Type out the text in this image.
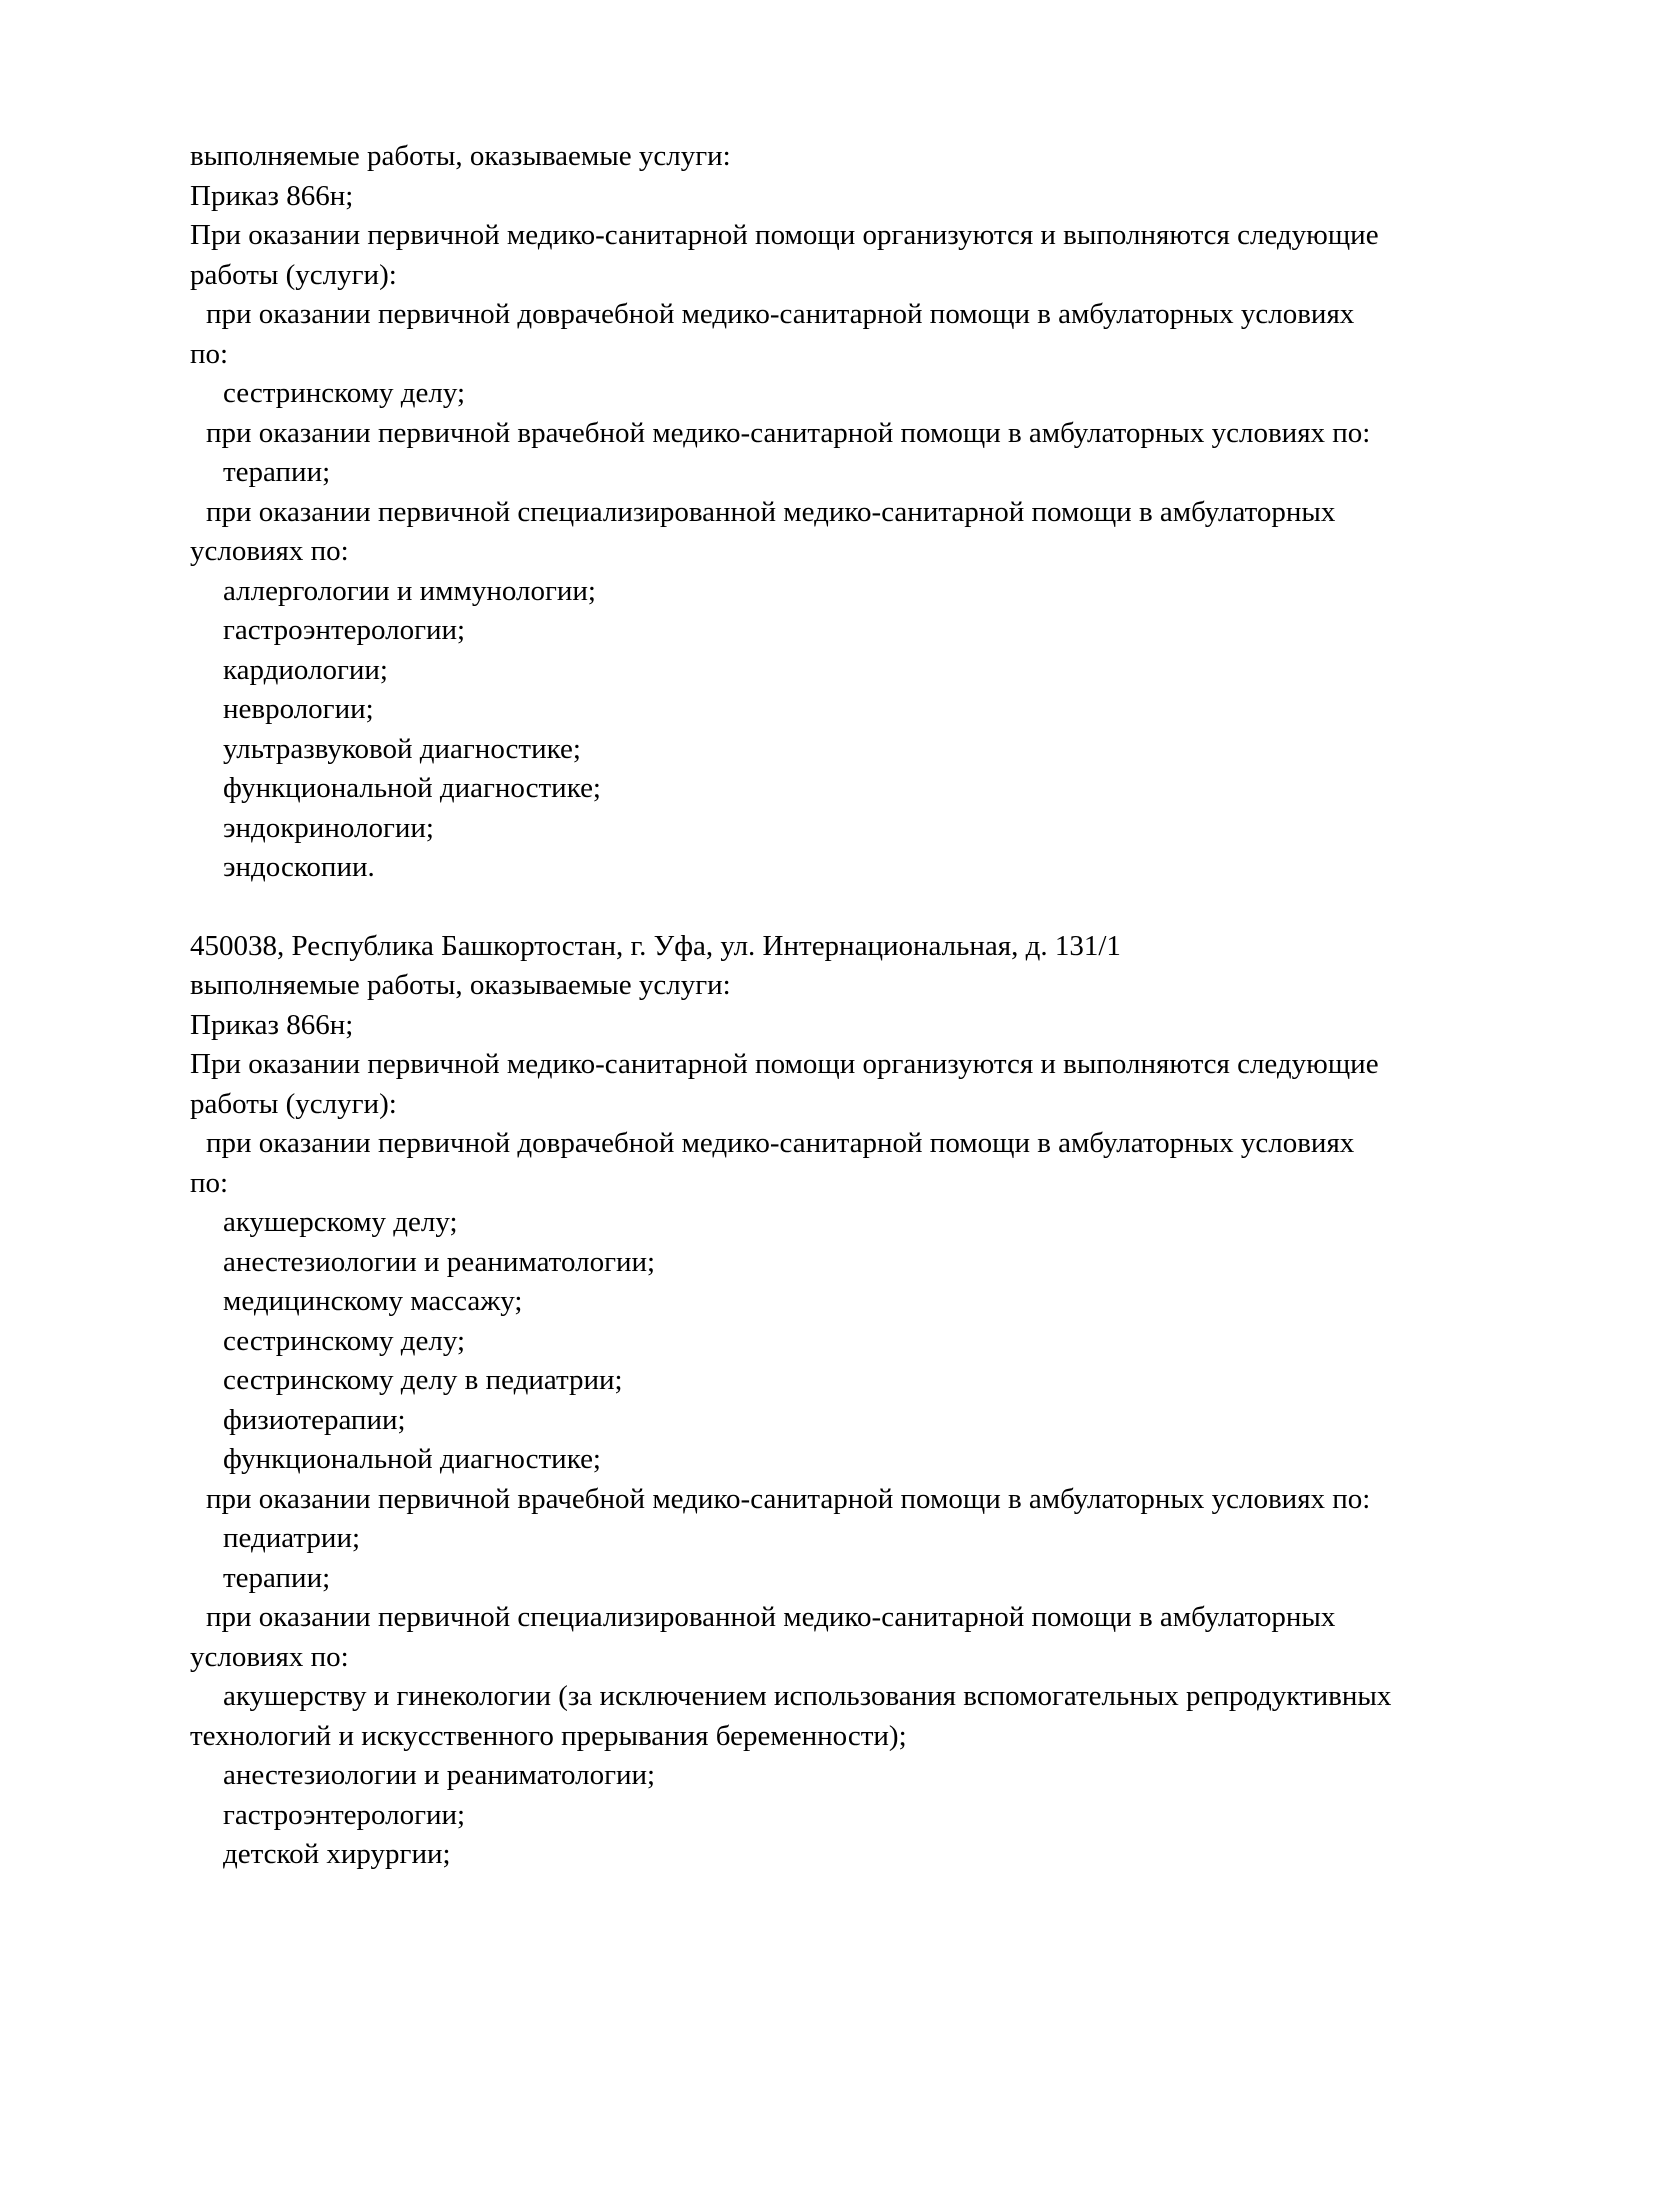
выполняемые работы, оказываемые услуги:
Приказ 866н;
При оказании первичной медико-санитарной помощи организуются и выполняются следующие
работы (услуги):
при оказании первичной доврачебной медико-санитарной помощи в амбулаторных условиях
по:
сестринскому делу;
при оказании первичной врачебной медико-санитарной помощи в амбулаторных условиях по:
терапии;
при оказании первичной специализированной медико-санитарной помощи в амбулаторных
условиях по:
аллергологии и иммунологии;
гастроэнтерологии;
кардиологии;
неврологии;
ультразвуковой диагностике;
функциональной диагностике;
эндокринологии;
эндоскопии.
450038, Республика Башкортостан, г. Уфа, ул. Интернациональная, д. 131/1
выполняемые работы, оказываемые услуги:
Приказ 866н;
При оказании первичной медико-санитарной помощи организуются и выполняются следующие
работы (услуги):
при оказании первичной доврачебной медико-санитарной помощи в амбулаторных условиях
по:
акушерскому делу;
анестезиологии и реаниматологии;
медицинскому массажу;
сестринскому делу;
сестринскому делу в педиатрии;
физиотерапии;
функциональной диагностике;
при оказании первичной врачебной медико-санитарной помощи в амбулаторных условиях по:
педиатрии;
терапии;
при оказании первичной специализированной медико-санитарной помощи в амбулаторных
условиях по:
акушерству и гинекологии (за исключением использования вспомогательных репродуктивных
технологий и искусственного прерывания беременности);
анестезиологии и реаниматологии;
гастроэнтерологии;
детской хирургии;
